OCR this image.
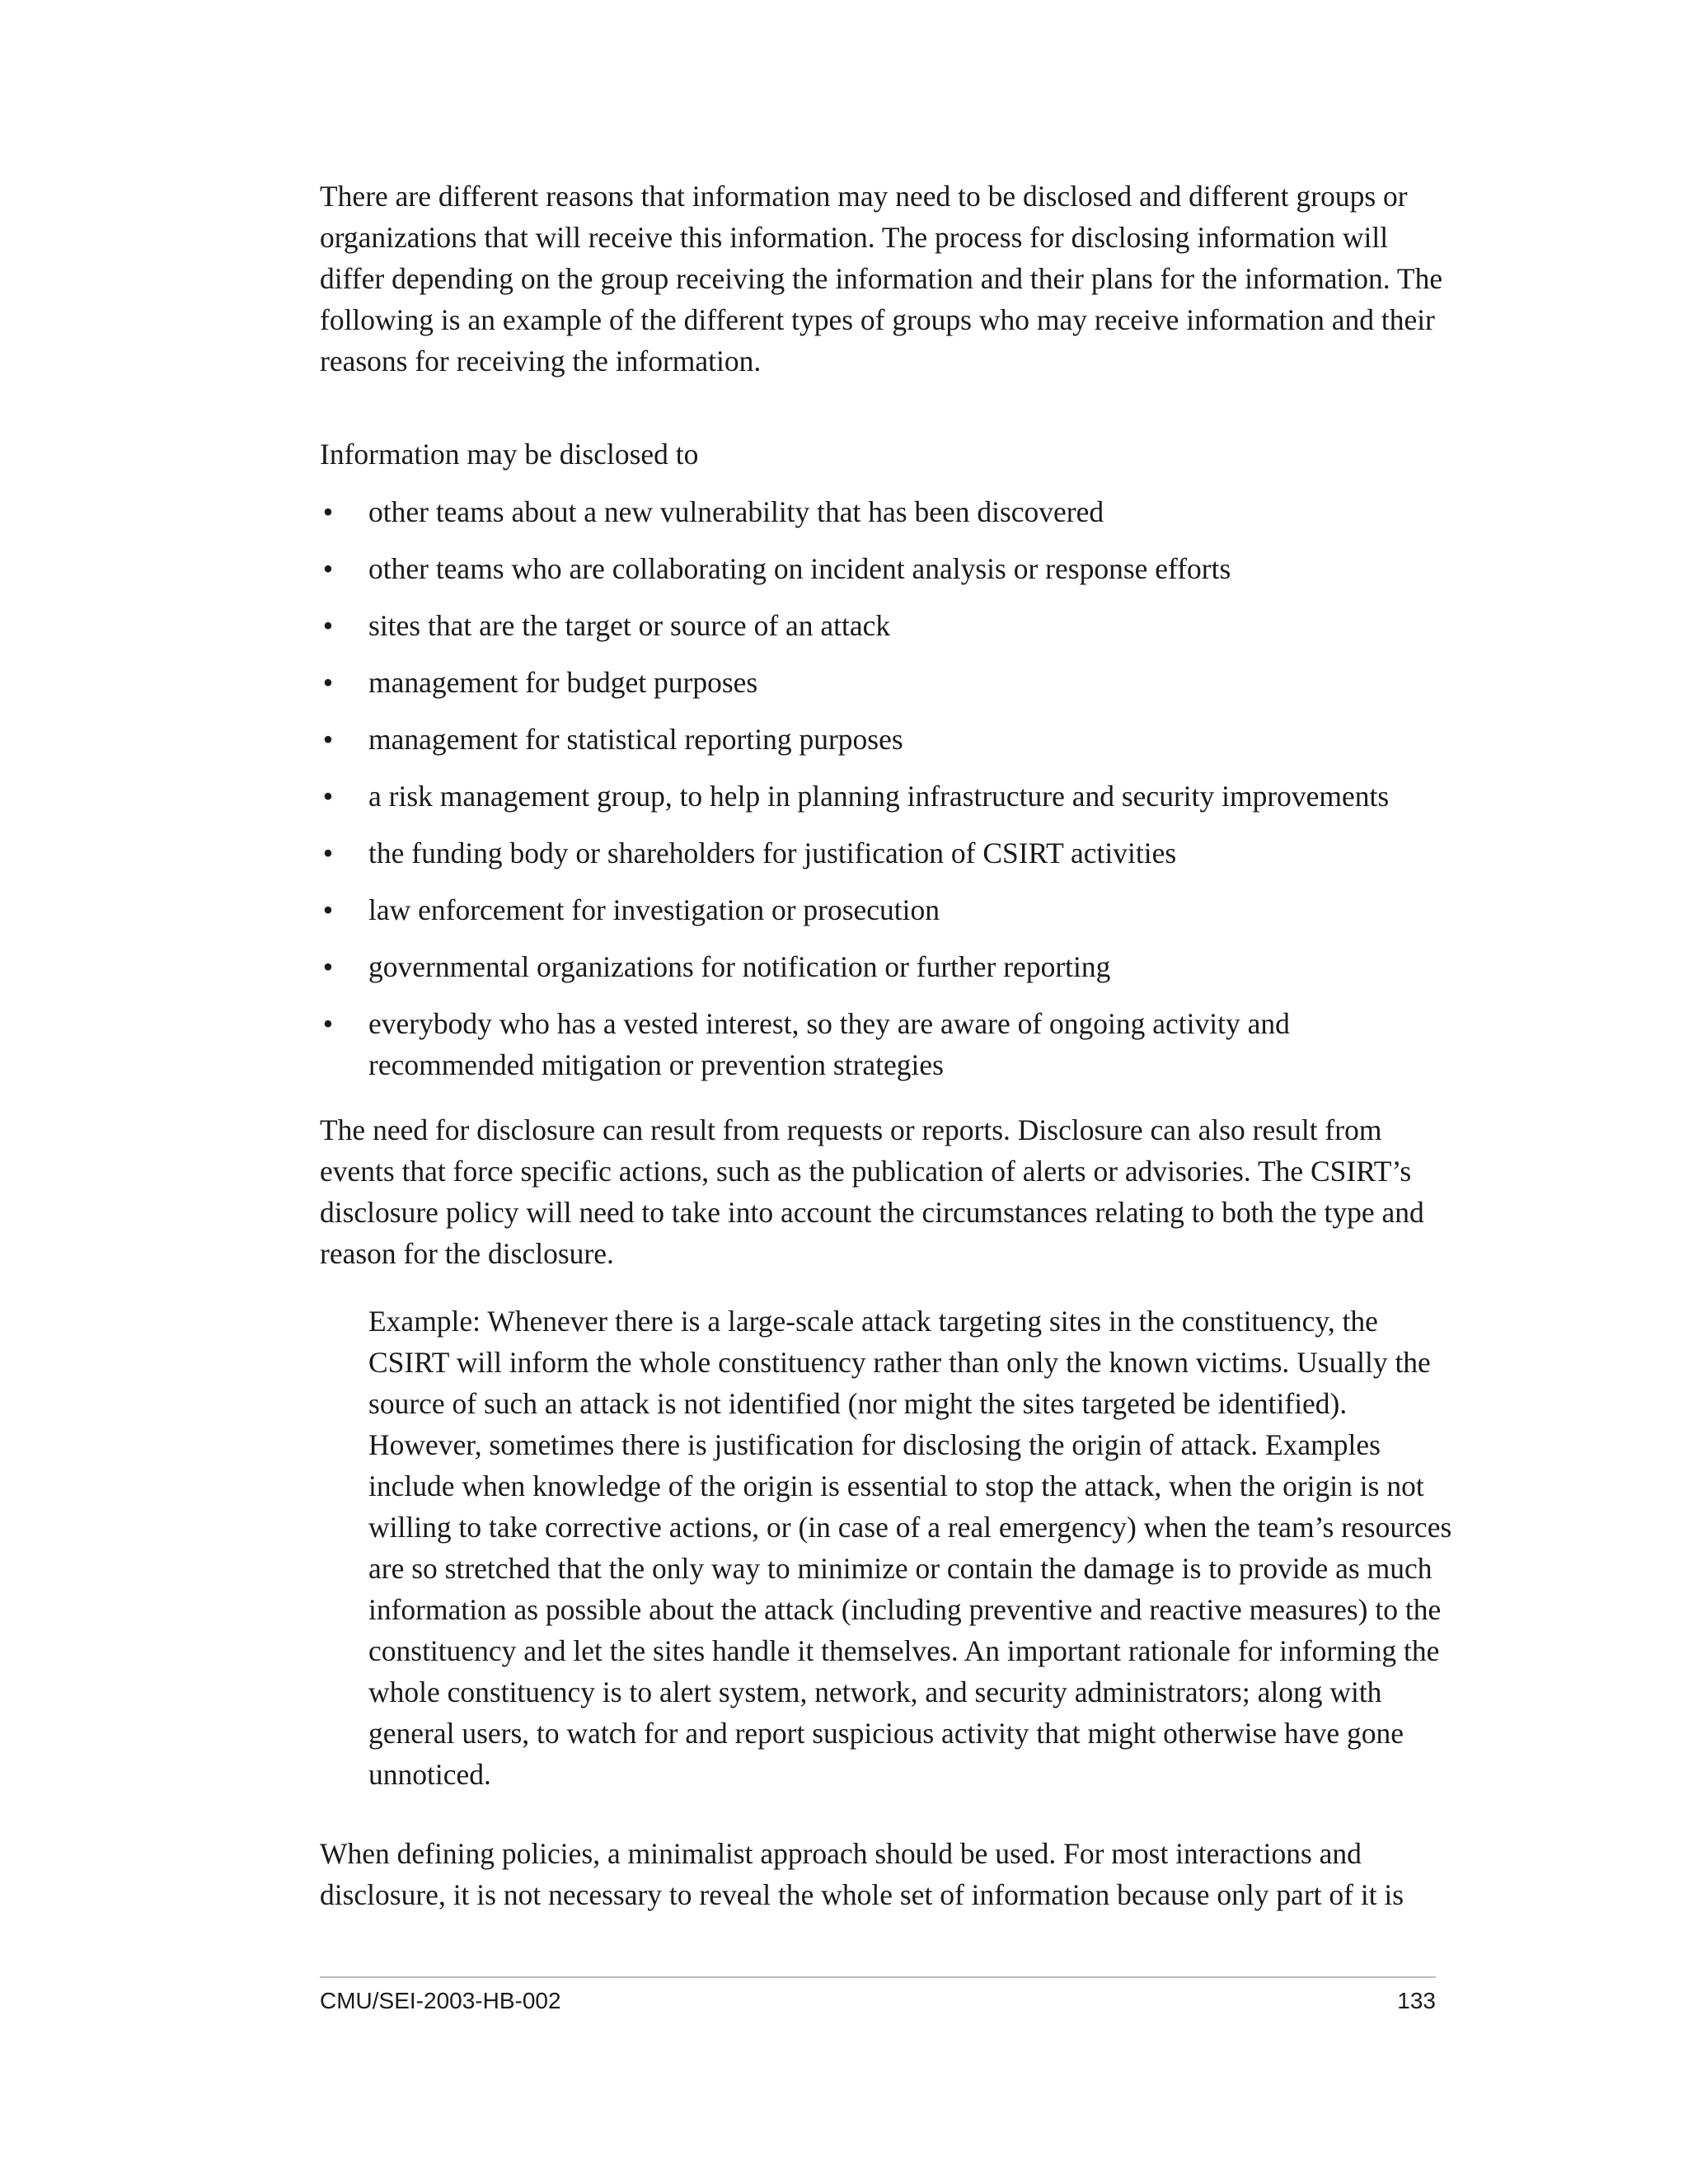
There are different reasons that information may need to be disclosed and different groups or organizations that will receive this information. The process for disclosing information will differ depending on the group receiving the information and their plans for the information. The following is an example of the different types of groups who may receive information and their reasons for receiving the information.

Information may be disclosed to

• other teams about a new vulnerability that has been discovered
• other teams who are collaborating on incident analysis or response efforts
• sites that are the target or source of an attack
• management for budget purposes
• management for statistical reporting purposes
• a risk management group, to help in planning infrastructure and security improvements
• the funding body or shareholders for justification of CSIRT activities
• law enforcement for investigation or prosecution
• governmental organizations for notification or further reporting
• everybody who has a vested interest, so they are aware of ongoing activity and recommended mitigation or prevention strategies

The need for disclosure can result from requests or reports. Disclosure can also result from events that force specific actions, such as the publication of alerts or advisories. The CSIRT’s disclosure policy will need to take into account the circumstances relating to both the type and reason for the disclosure.

Example: Whenever there is a large-scale attack targeting sites in the constituency, the CSIRT will inform the whole constituency rather than only the known victims. Usually the source of such an attack is not identified (nor might the sites targeted be identified). However, sometimes there is justification for disclosing the origin of attack. Examples include when knowledge of the origin is essential to stop the attack, when the origin is not willing to take corrective actions, or (in case of a real emergency) when the team’s resources are so stretched that the only way to minimize or contain the damage is to provide as much information as possible about the attack (including preventive and reactive measures) to the constituency and let the sites handle it themselves. An important rationale for informing the whole constituency is to alert system, network, and security administrators; along with general users, to watch for and report suspicious activity that might otherwise have gone unnoticed.

When defining policies, a minimalist approach should be used. For most interactions and disclosure, it is not necessary to reveal the whole set of information because only part of it is

CMU/SEI-2003-HB-002	133
